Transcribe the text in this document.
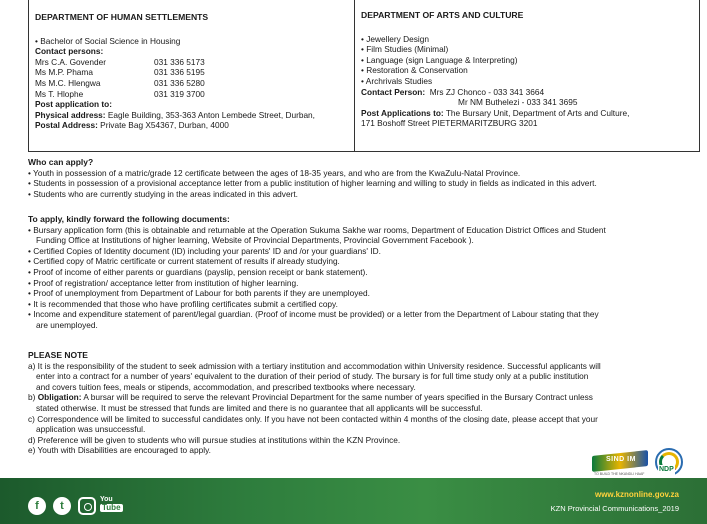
DEPARTMENT OF HUMAN SETTLEMENTS
• Bachelor of Social Science in Housing
Contact persons:
Mrs C.A. Govender	031 336 5173
Ms M.P. Phama	031 336 5195
Ms M.C. Hlengwa	031 336 5280
Ms T. Hlophe	031 319 3700
Post application to:
Physical address: Eagle Building, 353-363 Anton Lembede Street, Durban,
Postal Address: Private Bag X54367, Durban, 4000
DEPARTMENT OF ARTS AND CULTURE
• Jewellery Design
• Film Studies (Minimal)
• Language (sign Language & Interpreting)
• Restoration & Conservation
• Archrivals Studies
Contact Person: Mrs ZJ Chonco - 033 341 3664
Mr NM Buthelezi - 033 341 3695
Post Applications to: The Bursary Unit, Department of Arts and Culture,
171 Boshoff Street PIETERMARITZBURG 3201
Who can apply?
• Youth in possession of a matric/grade 12 certificate between the ages of 18-35 years, and who are from the KwaZulu-Natal Province.
• Students in possession of a provisional acceptance letter from a public institution of higher learning and willing to study in fields as indicated in this advert.
• Students who are currently studying in the areas indicated in this advert.
To apply, kindly forward the following documents:
• Bursary application form (this is obtainable and returnable at the Operation Sukuma Sakhe war rooms, Department of Education District Offices and Student
Funding Office at Institutions of higher learning, Website of Provincial Departments, Provincial Government Facebook ).
• Certified Copies of Identity document (ID) including your parents' ID and /or your guardians' ID.
• Certified copy of Matric certificate or current statement of results if already studying.
• Proof of income of either parents or guardians (payslip, pension receipt or bank statement).
• Proof of registration/ acceptance letter from institution of higher learning.
• Proof of unemployment from Department of Labour for both parents if they are unemployed.
• It is recommended that those who have profiling certificates submit a certified copy.
• Income and expenditure statement of parent/legal guardian. (Proof of income must be provided) or a letter from the Department of Labour stating that they
are unemployed.
PLEASE NOTE
a) It is the responsibility of the student to seek admission with a tertiary institution and accommodation within University residence. Successful applicants will
enter into a contract for a number of years' equivalent to the duration of their period of study. The bursary is for full time study only at a public institution
and covers tuition fees, meals or stipends, accommodation, and prescribed textbooks where necessary.
b) Obligation: A bursar will be required to serve the relevant Provincial Department for the same number of years specified in the Bursary Contract unless
stated otherwise. It must be stressed that funds are limited and there is no guarantee that all applicants will be successful.
c) Correspondence will be limited to successful candidates only. If you have not been contacted within 4 months of the closing date, please accept that your
application was unsuccessful.
d) Preference will be given to students who will pursue studies at institutions within the KZN Province.
e) Youth with Disabilities are encouraged to apply.
SIND IM
TO BUILD THE NKANDLI HAAF
NDP
f	t
You
Tube
www.kznonline.gov.za
KZN Provincial Communications_2019
